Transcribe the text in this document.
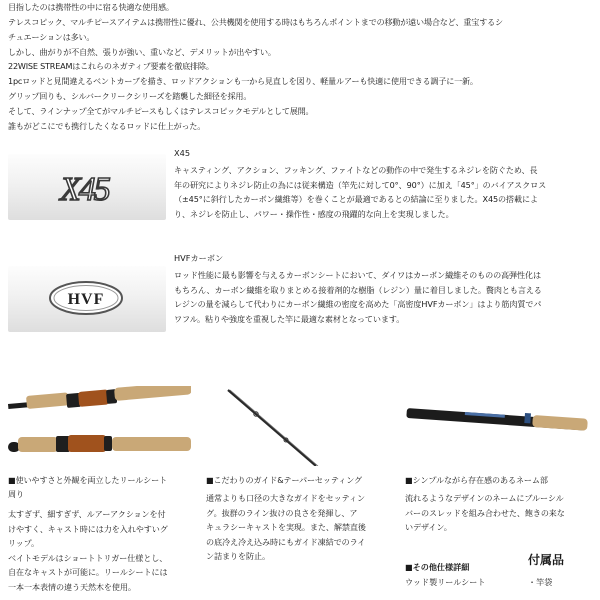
目指したのは携帯性の中に宿る快適な使用感。

テレスコピック、マルチピースアイテムは携帯性に優れ、公共機関を使用する時はもちろんポイントまでの移動が遠い場合など、重宝するシ

チュエーションは多い。

しかし、曲がりが不自然、張りが強い、重いなど、デメリットが出やすい。

22WISE STREAMはこれらのネガティブ要素を徹底排除。

1pcロッドと見間違えるベントカーブを描き、ロッドアクションも一から見直しを図り、軽量ルアーも快適に使用できる調子に一新。

グリップ回りも、シルバークリークシリーズを踏襲した細径を採用。

そして、ラインナップ全てがマルチピースもしくはテレスコピックモデルとして展開。

誰もがどこにでも携行したくなるロッドに仕上がった。

X45
X45

キャスティング、アクション、フッキング、ファイトなどの動作の中で発生するネジレを防ぐため、長

年の研究によりネジレ防止の為には従来構造（竿先に対して0°、90°）に加え「45°」のバイアスクロス

（±45°に斜行したカーボン繊維等）を巻くことが最適であるとの結論に至りました。X45の搭載によ

り、ネジレを防止し、パワー・操作性・感度の飛躍的な向上を実現しました。

HVF
HVFカーボン

ロッド性能に最も影響を与えるカーボンシートにおいて、ダイワはカーボン繊維そのものの高弾性化は

もちろん、カーボン繊維を取りまとめる接着剤的な樹脂（レジン）量に着目しました。贅肉とも言える

レジンの量を減らして代わりにカーボン繊維の密度を高めた「高密度HVFカーボン」はより筋肉質でパ

ワフル。粘りや強度を重視した竿に最適な素材となっています。

■使いやすさと外観を両立したリールシート

周り

太すぎず、細すぎず、ルアーアクションを付

けやすく、キャスト時には力を入れやすいグ

リップ。

ベイトモデルはショートトリガー仕様とし、

自在なキャストが可能に。リールシートには

一本一本表情の違う天然木を使用。

■こだわりのガイド&テーパーセッティング

通常よりも口径の大きなガイドをセッティン

グ。抜群のライン抜けの良さを発揮し、ア

キュラシーキャストを実現。また、解禁直後

の底冷え冷え込み時にもガイド凍結でのライ

ン詰まりを防止。

■シンプルながら存在感のあるネーム部

流れるようなデザインのネームにブルーシル

バーのスレッドを組み合わせた、飽きの来な

いデザイン。

■その他仕様詳細
ウッド製リールシート
付属品
・竿袋
